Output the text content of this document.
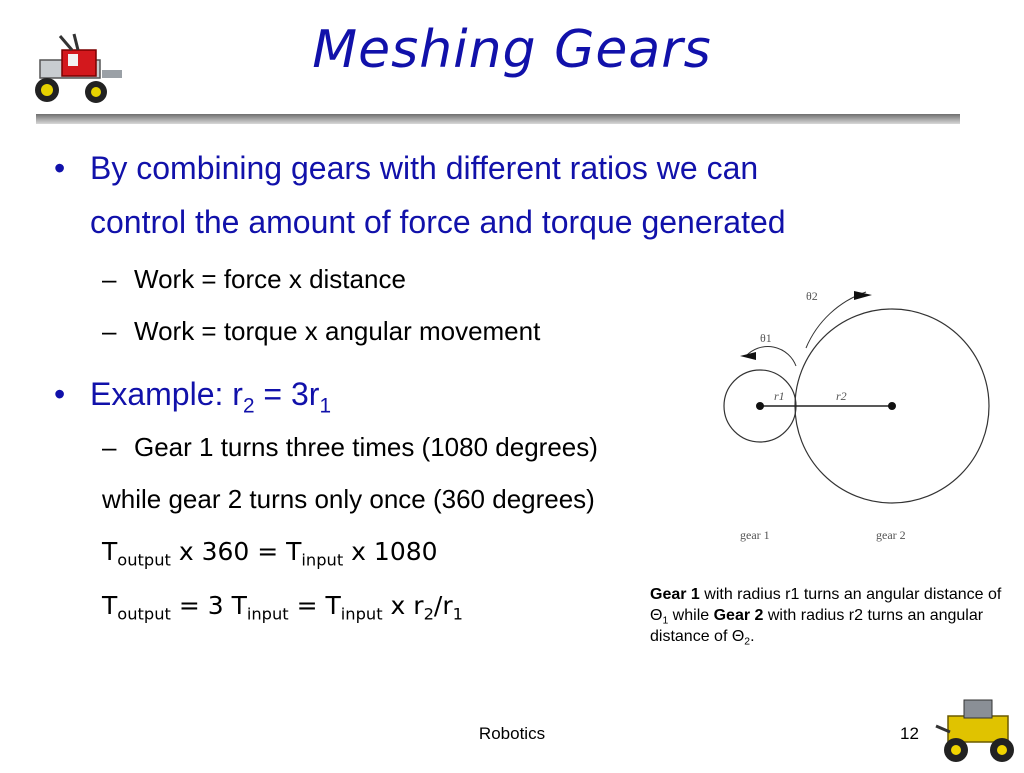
Meshing Gears
• By combining gears with different ratios we can
control the amount of force and torque generated
– Work = force x distance
– Work = torque x angular movement
• Example: $r_2 = 3r_1$
– Gear 1 turns three times (1080 degrees)
while gear 2 turns only once (360 degrees)
$T_{output}$ x $360 = T_{input}$ x 1080
$T_{output} = 3$ $T_{input} = T_{input}$ x $r_2/r_1$
θ2
θ1
r1	r2
gear 1	gear 2
Gear 1 with radius r1 turns an angular distance of $\Theta_1$ while Gear 2 with radius r2 turns an angular distance of $\Theta_2$.
Robotics	12
